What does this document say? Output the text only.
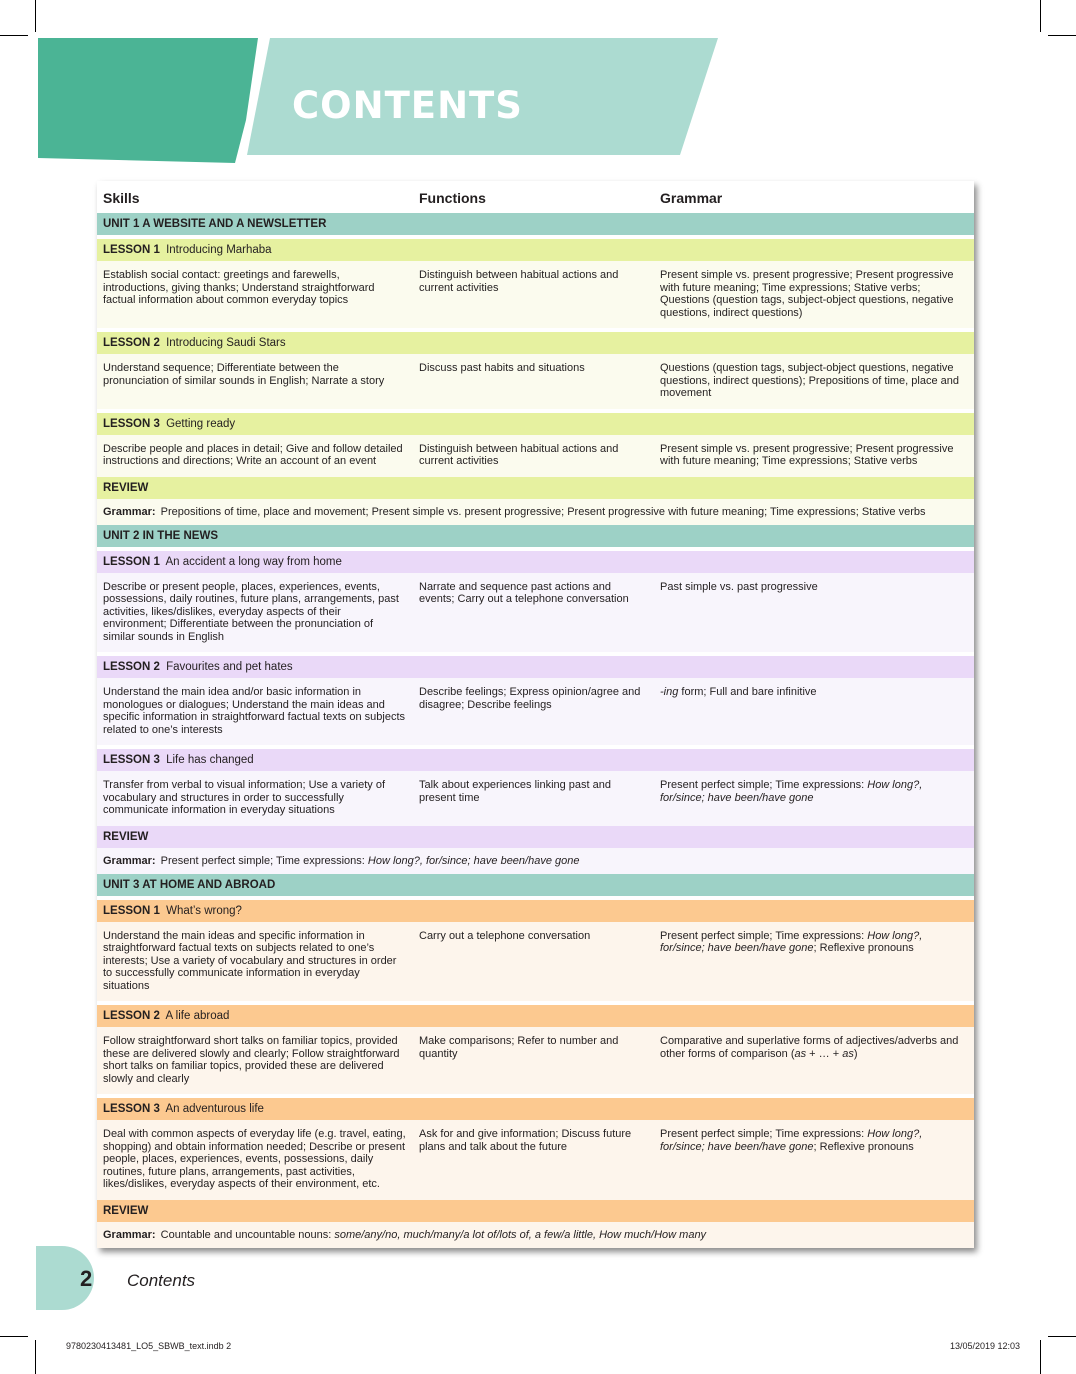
CONTENTS
Skills	Functions	Grammar
UNIT 1 A WEBSITE AND A NEWSLETTER		

LESSON 1 Introducing Marhaba		
Establish social contact: greetings and farewells, introductions, giving thanks; Understand straightforward factual information about common everyday topics	Distinguish between habitual actions and current activities	Present simple vs. present progressive; Present progressive with future meaning; Time expressions; Stative verbs; Questions (question tags, subject-object questions, negative questions, indirect questions)

LESSON 2 Introducing Saudi Stars		
Understand sequence; Differentiate between the pronunciation of similar sounds in English; Narrate a story	Discuss past habits and situations	Questions (question tags, subject-object questions, negative questions, indirect questions); Prepositions of time, place and movement

LESSON 3 Getting ready		
Describe people and places in detail; Give and follow detailed instructions and directions; Write an account of an event	Distinguish between habitual actions and current activities	Present simple vs. present progressive; Present progressive with future meaning; Time expressions; Stative verbs
REVIEW		
Grammar: Prepositions of time, place and movement; Present simple vs. present progressive; Present progressive with future meaning; Time expressions; Stative verbs		
UNIT 2 IN THE NEWS		

LESSON 1 An accident a long way from home		
Describe or present people, places, experiences, events, possessions, daily routines, future plans, arrangements, past activities, likes/dislikes, everyday aspects of their environment; Differentiate between the pronunciation of similar sounds in English	Narrate and sequence past actions and events; Carry out a telephone conversation	Past simple vs. past progressive

LESSON 2 Favourites and pet hates		
Understand the main idea and/or basic information in monologues or dialogues; Understand the main ideas and specific information in straightforward factual texts on subjects related to one’s interests	Describe feelings; Express opinion/agree and disagree; Describe feelings	-ing form; Full and bare infinitive

LESSON 3 Life has changed		
Transfer from verbal to visual information; Use a variety of vocabulary and structures in order to successfully communicate information in everyday situations	Talk about experiences linking past and present time	Present perfect simple; Time expressions: How long?, for/since; have been/have gone
REVIEW		
Grammar: Present perfect simple; Time expressions: How long?, for/since; have been/have gone		
UNIT 3 AT HOME AND ABROAD		

LESSON 1 What’s wrong?		
Understand the main ideas and specific information in straightforward factual texts on subjects related to one’s interests; Use a variety of vocabulary and structures in order to successfully communicate information in everyday situations	Carry out a telephone conversation	Present perfect simple; Time expressions: How long?, for/since; have been/have gone; Reflexive pronouns

LESSON 2 A life abroad		
Follow straightforward short talks on familiar topics, provided these are delivered slowly and clearly; Follow straightforward short talks on familiar topics, provided these are delivered slowly and clearly	Make comparisons; Refer to number and quantity	Comparative and superlative forms of adjectives/adverbs and other forms of comparison (as + … + as)

LESSON 3 An adventurous life		
Deal with common aspects of everyday life (e.g. travel, eating, shopping) and obtain information needed; Describe or present people, places, experiences, events, possessions, daily routines, future plans, arrangements, past activities, likes/dislikes, everyday aspects of their environment, etc.	Ask for and give information; Discuss future plans and talk about the future	Present perfect simple; Time expressions: How long?, for/since; have been/have gone; Reflexive pronouns
REVIEW		
Grammar: Countable and uncountable nouns: some/any/no, much/many/a lot of/lots of, a few/a little, How much/How many		
2 Contents
9780230413481_LO5_SBWB_text.indb 2	13/05/2019 12:03
